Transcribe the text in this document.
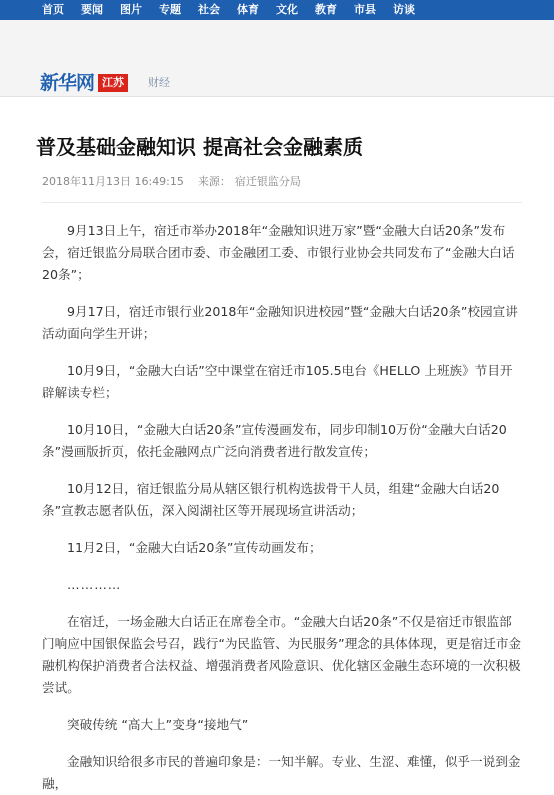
首页 要闻 图片 专题 社会 体育 文化 教育 市县 访谈
新华网 江苏	财经
普及基础金融知识 提高社会金融素质
2018年11月13日 16:49:15 来源： 宿迁银监分局

9月13日上午，宿迁市举办2018年“金融知识进万家”暨“金融大白话20条”发布会，宿迁银监分局联合团市委、市金融团工委、市银行业协会共同发布了“金融大白话20条”；

9月17日，宿迁市银行业2018年“金融知识进校园”暨“金融大白话20条”校园宣讲活动面向学生开讲；

10月9日，“金融大白话”空中课堂在宿迁市105.5电台《HELLO 上班族》节目开辟解读专栏；

10月10日，“金融大白话20条”宣传漫画发布，同步印制10万份“金融大白话20条”漫画版折页，依托金融网点广泛向消费者进行散发宣传；

10月12日，宿迁银监分局从辖区银行机构选拔骨干人员，组建“金融大白话20条”宣教志愿者队伍，深入阅湖社区等开展现场宣讲活动；

11月2日，“金融大白话20条”宣传动画发布；

…………

在宿迁，一场金融大白话正在席卷全市。“金融大白话20条”不仅是宿迁市银监部门响应中国银保监会号召，践行“为民监管、为民服务”理念的具体体现，更是宿迁市金融机构保护消费者合法权益、增强消费者风险意识、优化辖区金融生态环境的一次积极尝试。

突破传统 “高大上”变身“接地气”

金融知识给很多市民的普遍印象是：一知半解。专业、生涩、难懂，似乎一说到金融，
